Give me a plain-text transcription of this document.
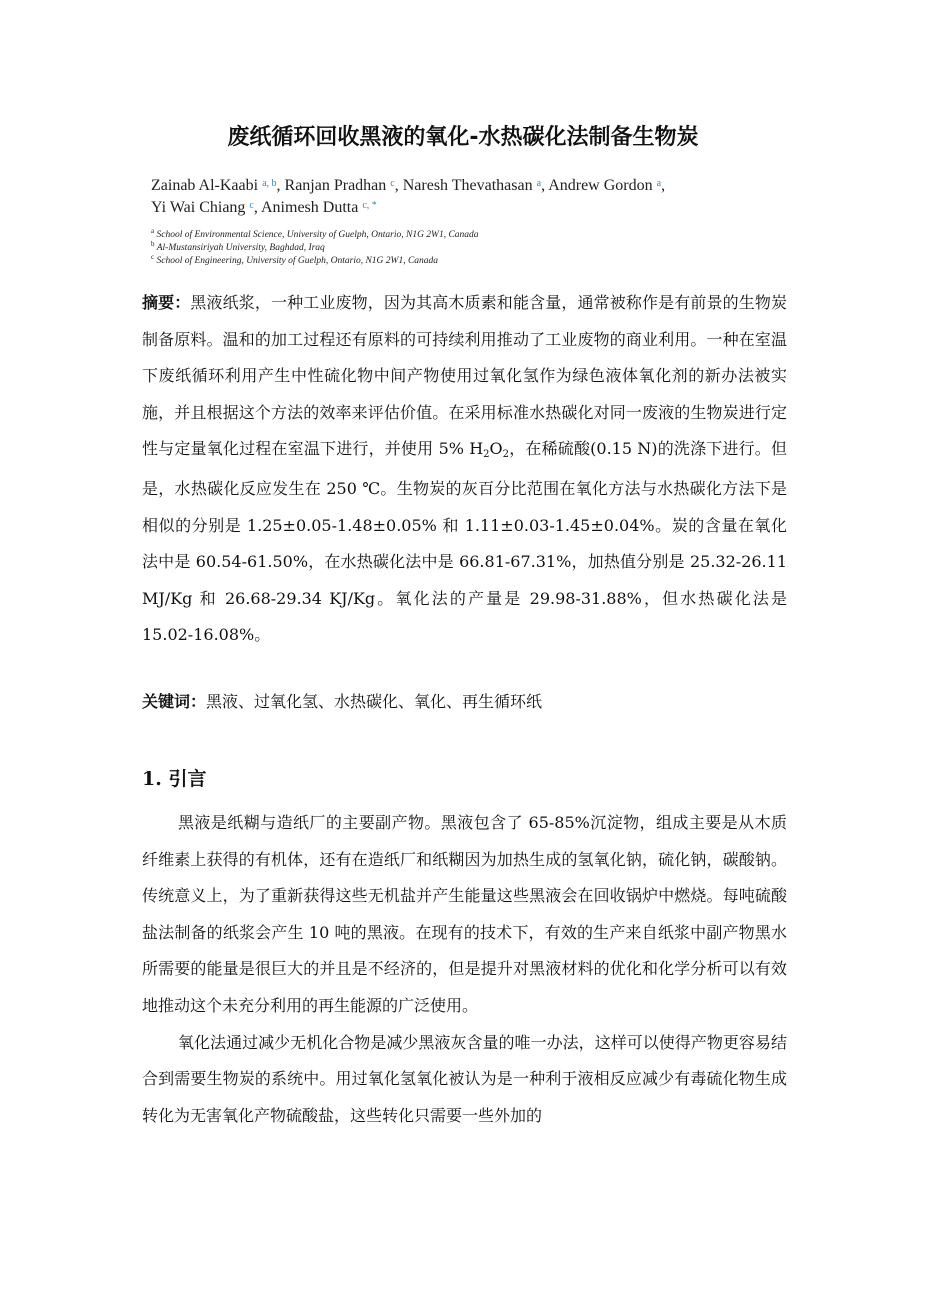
废纸循环回收黑液的氧化-水热碳化法制备生物炭
Zainab Al-Kaabi $^{a, b}$, Ranjan Pradhan $^c$, Naresh Thevathasan $^a$, Andrew Gordon $^a$,
Yi Wai Chiang $^c$, Animesh Dutta $^{c, *}$
$^a$ School of Environmental Science, University of Guelph, Ontario, N1G 2W1, Canada
$^b$ Al-Mustansiriyah University, Baghdad, Iraq
$^c$ School of Engineering, University of Guelph, Ontario, N1G 2W1, Canada
摘要：黑液纸浆，一种工业废物，因为其高木质素和能含量，通常被称作是有前景的生物炭制备原料。温和的加工过程还有原料的可持续利用推动了工业废物的商业利用。一种在室温下废纸循环利用产生中性硫化物中间产物使用过氧化氢作为绿色液体氧化剂的新办法被实施，并且根据这个方法的效率来评估价值。在采用标准水热碳化对同一废液的生物炭进行定性与定量氧化过程在室温下进行，并使用 5% H2O2，在稀硫酸(0.15 N)的洗涤下进行。但是，水热碳化反应发生在 250 ℃。生物炭的灰百分比范围在氧化方法与水热碳化方法下是相似的分别是 1.25±0.05-1.48±0.05% 和 1.11±0.03-1.45±0.04%。炭的含量在氧化法中是 60.54-61.50%，在水热碳化法中是 66.81-67.31%，加热值分别是 25.32-26.11 MJ/Kg 和 26.68-29.34 KJ/Kg。氧化法的产量是 29.98-31.88%，但水热碳化法是 15.02-16.08%。
关键词：黑液、过氧化氢、水热碳化、氧化、再生循环纸
1. 引言

黑液是纸糊与造纸厂的主要副产物。黑液包含了 65-85%沉淀物，组成主要是从木质纤维素上获得的有机体，还有在造纸厂和纸糊因为加热生成的氢氧化钠，硫化钠，碳酸钠。传统意义上，为了重新获得这些无机盐并产生能量这些黑液会在回收锅炉中燃烧。每吨硫酸盐法制备的纸浆会产生 10 吨的黑液。在现有的技术下，有效的生产来自纸浆中副产物黑水所需要的能量是很巨大的并且是不经济的，但是提升对黑液材料的优化和化学分析可以有效地推动这个未充分利用的再生能源的广泛使用。

氧化法通过减少无机化合物是减少黑液灰含量的唯一办法，这样可以使得产物更容易结合到需要生物炭的系统中。用过氧化氢氧化被认为是一种利于液相反应减少有毒硫化物生成转化为无害氧化产物硫酸盐，这些转化只需要一些外加的
